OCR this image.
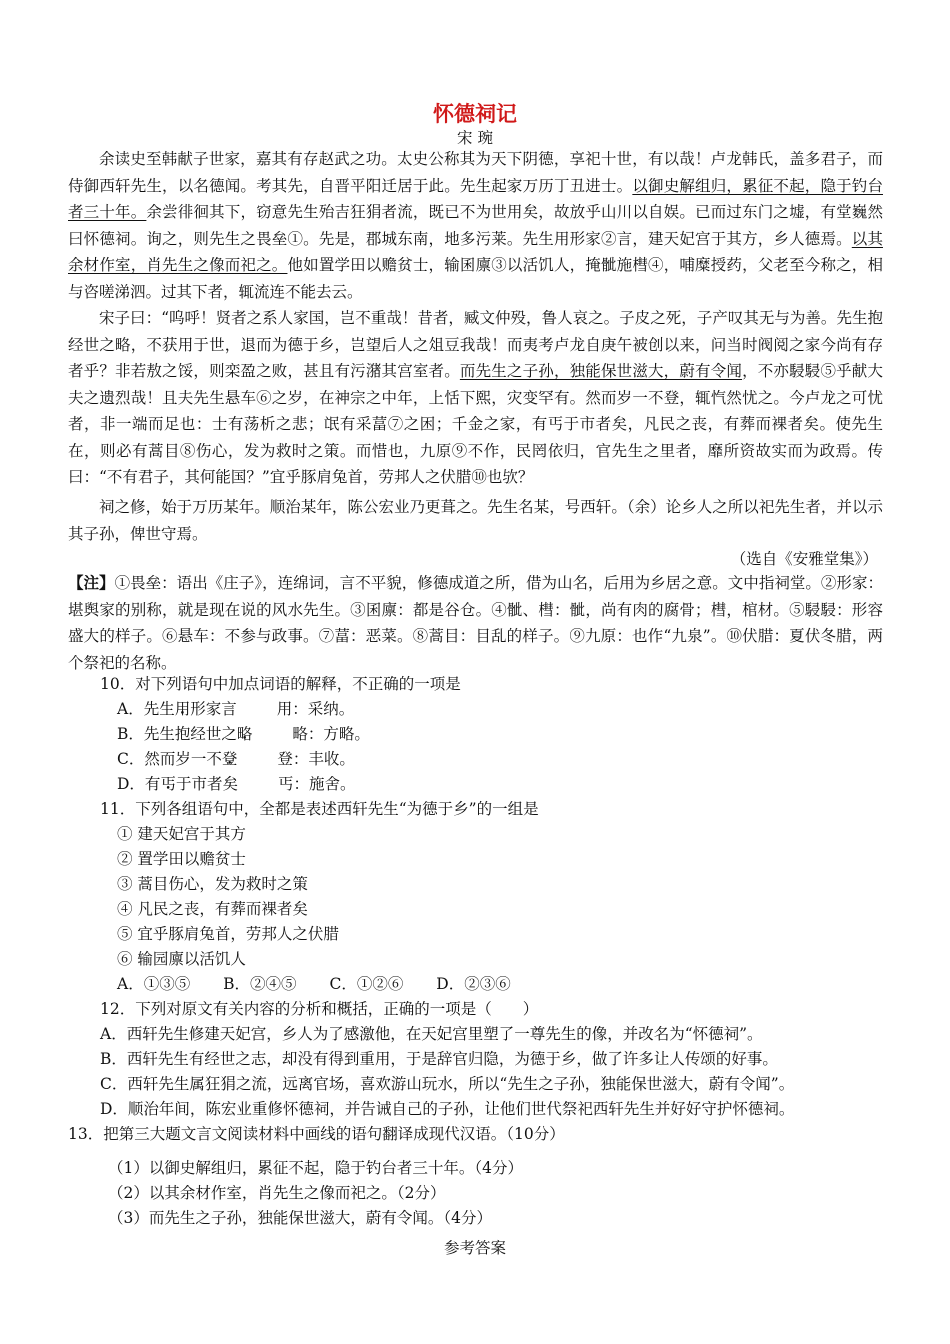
怀德祠记
宋 琬
余读史至韩献子世家，嘉其有存赵武之功。太史公称其为天下阴德，享祀十世，有以哉！卢龙韩氏，盖多君子，而侍御西轩先生，以名德闻。考其先，自晋平阳迁居于此。先生起家万历丁丑进士。以御史解组归，累征不起，隐于钓台者三十年。余尝徘徊其下，窃意先生殆吉狂狷者流，既已不为世用矣，故放乎山川以自娱。已而过东门之墟，有堂巍然曰怀德祠。询之，则先生之畏垒①。先是，郡城东南，地多污莱。先生用形家②言，建天妃宫于其方，乡人德焉。以其余材作室，肖先生之像而祀之。他如置学田以赡贫士，输囷廪③以活饥人，掩骴施槥④，哺糜授药，父老至今称之，相与咨嗟涕泗。过其下者，辄流连不能去云。
宋子曰：“呜呼！贤者之系人家国，岂不重哉！昔者，臧文仲殁，鲁人哀之。子皮之死，子产叹其无与为善。先生抱经世之略，不获用于世，退而为德于乡，岂望后人之俎豆我哉！而夷考卢龙自庚午被创以来，问当时阀阅之家今尚有存者乎？非若敖之馁，则栾盈之败，甚且有污潴其宫室者。而先生之子孙，独能保世滋大，蔚有令闻，不亦駸駸⑤乎献大夫之遗烈哉！且夫先生悬车⑥之岁，在神宗之中年，上恬下熙，灾变罕有。然而岁一不登，辄忾然忧之。今卢龙之可忧者，非一端而足也：士有荡析之悲；氓有采葍⑦之困；千金之家，有丐于市者矣，凡民之丧，有葬而裸者矣。使先生在，则必有蒿目⑧伤心，发为救时之策。而惜也，九原⑨不作，民罔依归，官先生之里者，靡所资故实而为政焉。传曰：“不有君子，其何能国？”宜乎豚肩兔首，劳邦人之伏腊⑩也欤？
祠之修，始于万历某年。顺治某年，陈公宏业乃更葺之。先生名某，号西轩。（余）论乡人之所以祀先生者，并以示其子孙，俾世守焉。
（选自《安雅堂集》）
【注】①畏垒：语出《庄子》，连绵词，言不平貌，修德成道之所，借为山名，后用为乡居之意。文中指祠堂。②形家：堪舆家的别称，就是现在说的风水先生。③囷廪：都是谷仓。④骴、槥：骴，尚有肉的腐骨；槥，棺材。⑤駸駸：形容盛大的样子。⑥悬车：不参与政事。⑦葍：恶菜。⑧蒿目：目乱的样子。⑨九原：也作“九泉”。⑩伏腊：夏伏冬腊，两个祭祀的名称。
10．对下列语句中加点词语的解释，不正确的一项是
A．先生用形家言	用：采纳。
B．先生抱经世之略	略：方略。
C．然而岁一不登	登：丰收。
D．有丐于市者矣	丐：施舍。
11．下列各组语句中，全都是表述西轩先生“为德于乡”的一组是
① 建天妃宫于其方
② 置学田以赡贫士
③ 蒿目伤心，发为救时之策
④ 凡民之丧，有葬而裸者矣
⑤ 宜乎豚肩兔首，劳邦人之伏腊
⑥ 输园廪以活饥人
A．①③⑤ B．②④⑤ C．①②⑥ D．②③⑥
12．下列对原文有关内容的分析和概括，正确的一项是（　　）
A．西轩先生修建天妃宫，乡人为了感激他，在天妃宫里塑了一尊先生的像，并改名为“怀德祠”。
B．西轩先生有经世之志，却没有得到重用，于是辞官归隐，为德于乡，做了许多让人传颂的好事。
C．西轩先生属狂狷之流，远离官场，喜欢游山玩水，所以“先生之子孙，独能保世滋大，蔚有令闻”。
D．顺治年间，陈宏业重修怀德祠，并告诫自己的子孙，让他们世代祭祀西轩先生并好好守护怀德祠。
13．把第三大题文言文阅读材料中画线的语句翻译成现代汉语。（10分）
（1）以御史解组归，累征不起，隐于钓台者三十年。（4分）
（2）以其余材作室，肖先生之像而祀之。（2分）
（3）而先生之子孙，独能保世滋大，蔚有令闻。（4分）
参考答案
